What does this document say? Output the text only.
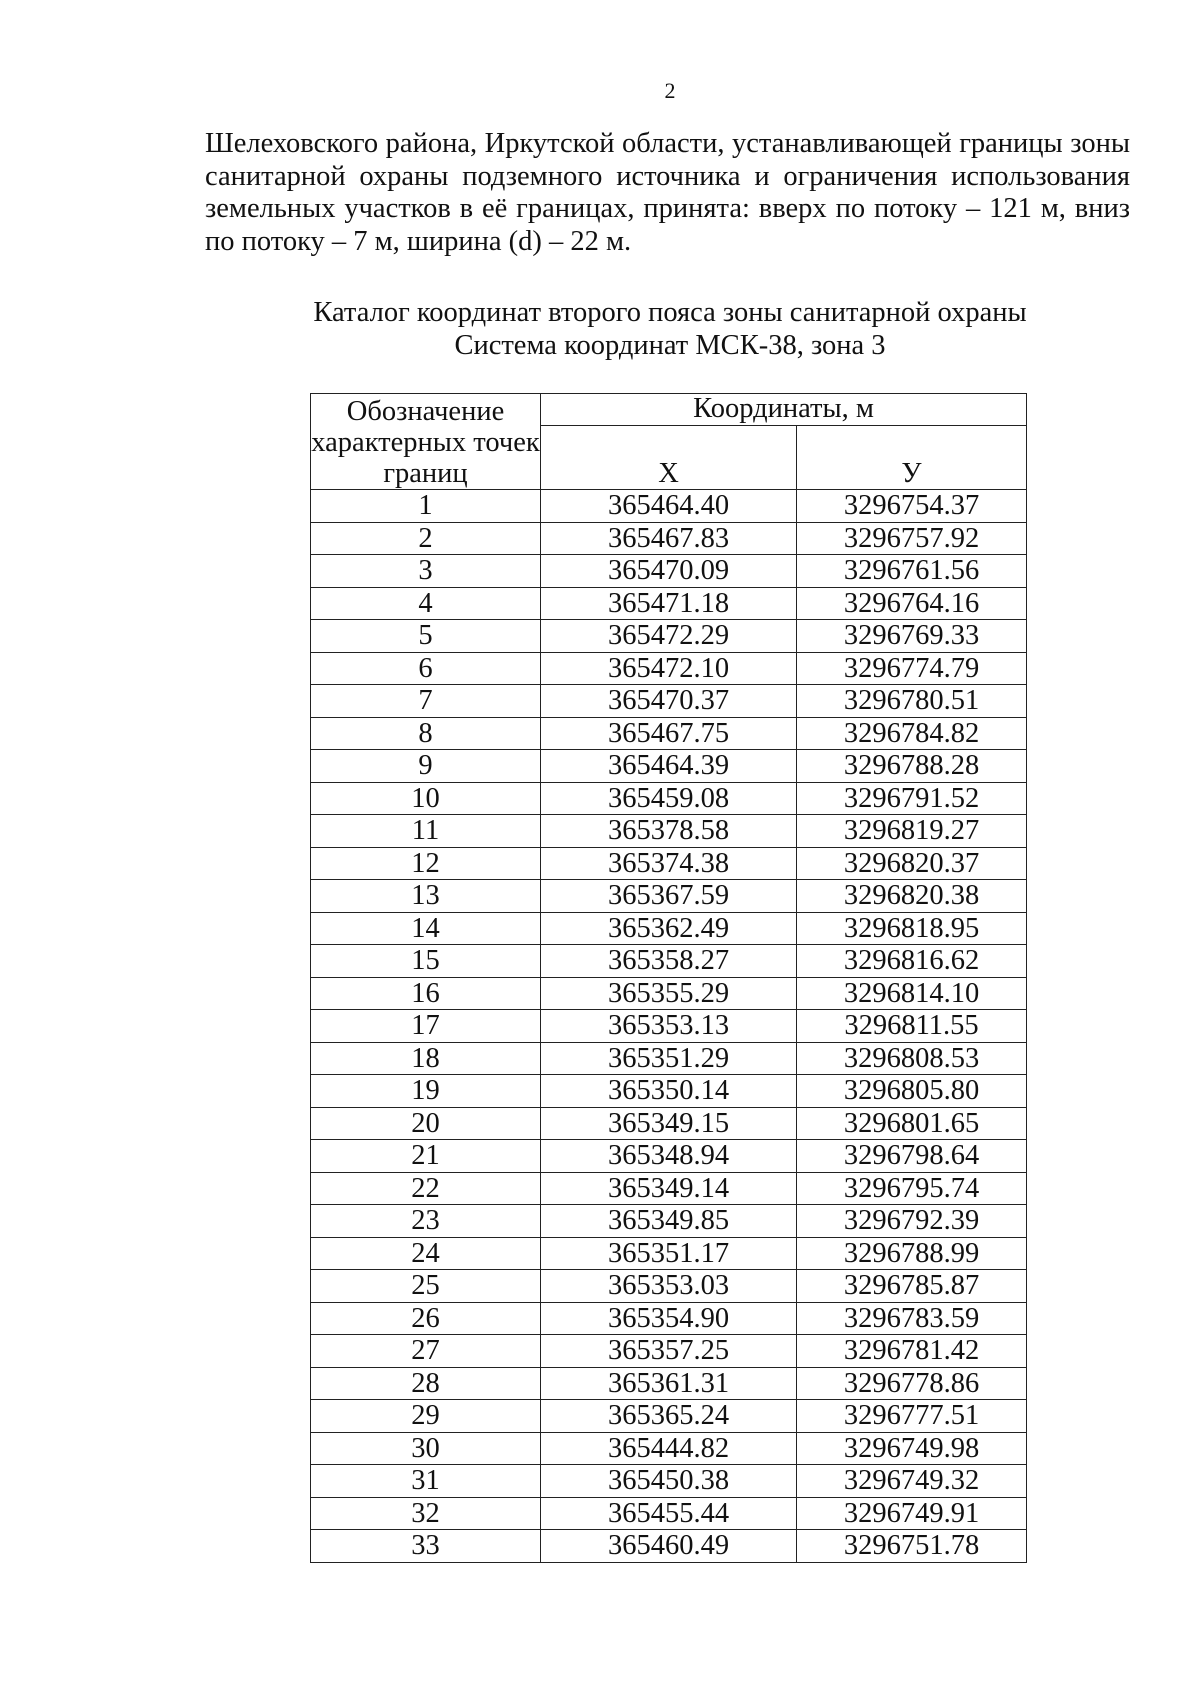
2

Шелеховского района, Иркутской области, устанавливающей границы зоны санитарной охраны подземного источника и ограничения использования земельных участков в её границах, принята: вверх по потоку – 121 м, вниз по потоку – 7 м, ширина (d) – 22 м.

Каталог координат второго пояса зоны санитарной охраны
Система координат МСК-38, зона 3
Обозначение характерных точек границ	Координаты, м	
	Х	У
1	365464.40	3296754.37
2	365467.83	3296757.92
3	365470.09	3296761.56
4	365471.18	3296764.16
5	365472.29	3296769.33
6	365472.10	3296774.79
7	365470.37	3296780.51
8	365467.75	3296784.82
9	365464.39	3296788.28
10	365459.08	3296791.52
11	365378.58	3296819.27
12	365374.38	3296820.37
13	365367.59	3296820.38
14	365362.49	3296818.95
15	365358.27	3296816.62
16	365355.29	3296814.10
17	365353.13	3296811.55
18	365351.29	3296808.53
19	365350.14	3296805.80
20	365349.15	3296801.65
21	365348.94	3296798.64
22	365349.14	3296795.74
23	365349.85	3296792.39
24	365351.17	3296788.99
25	365353.03	3296785.87
26	365354.90	3296783.59
27	365357.25	3296781.42
28	365361.31	3296778.86
29	365365.24	3296777.51
30	365444.82	3296749.98
31	365450.38	3296749.32
32	365455.44	3296749.91
33	365460.49	3296751.78
